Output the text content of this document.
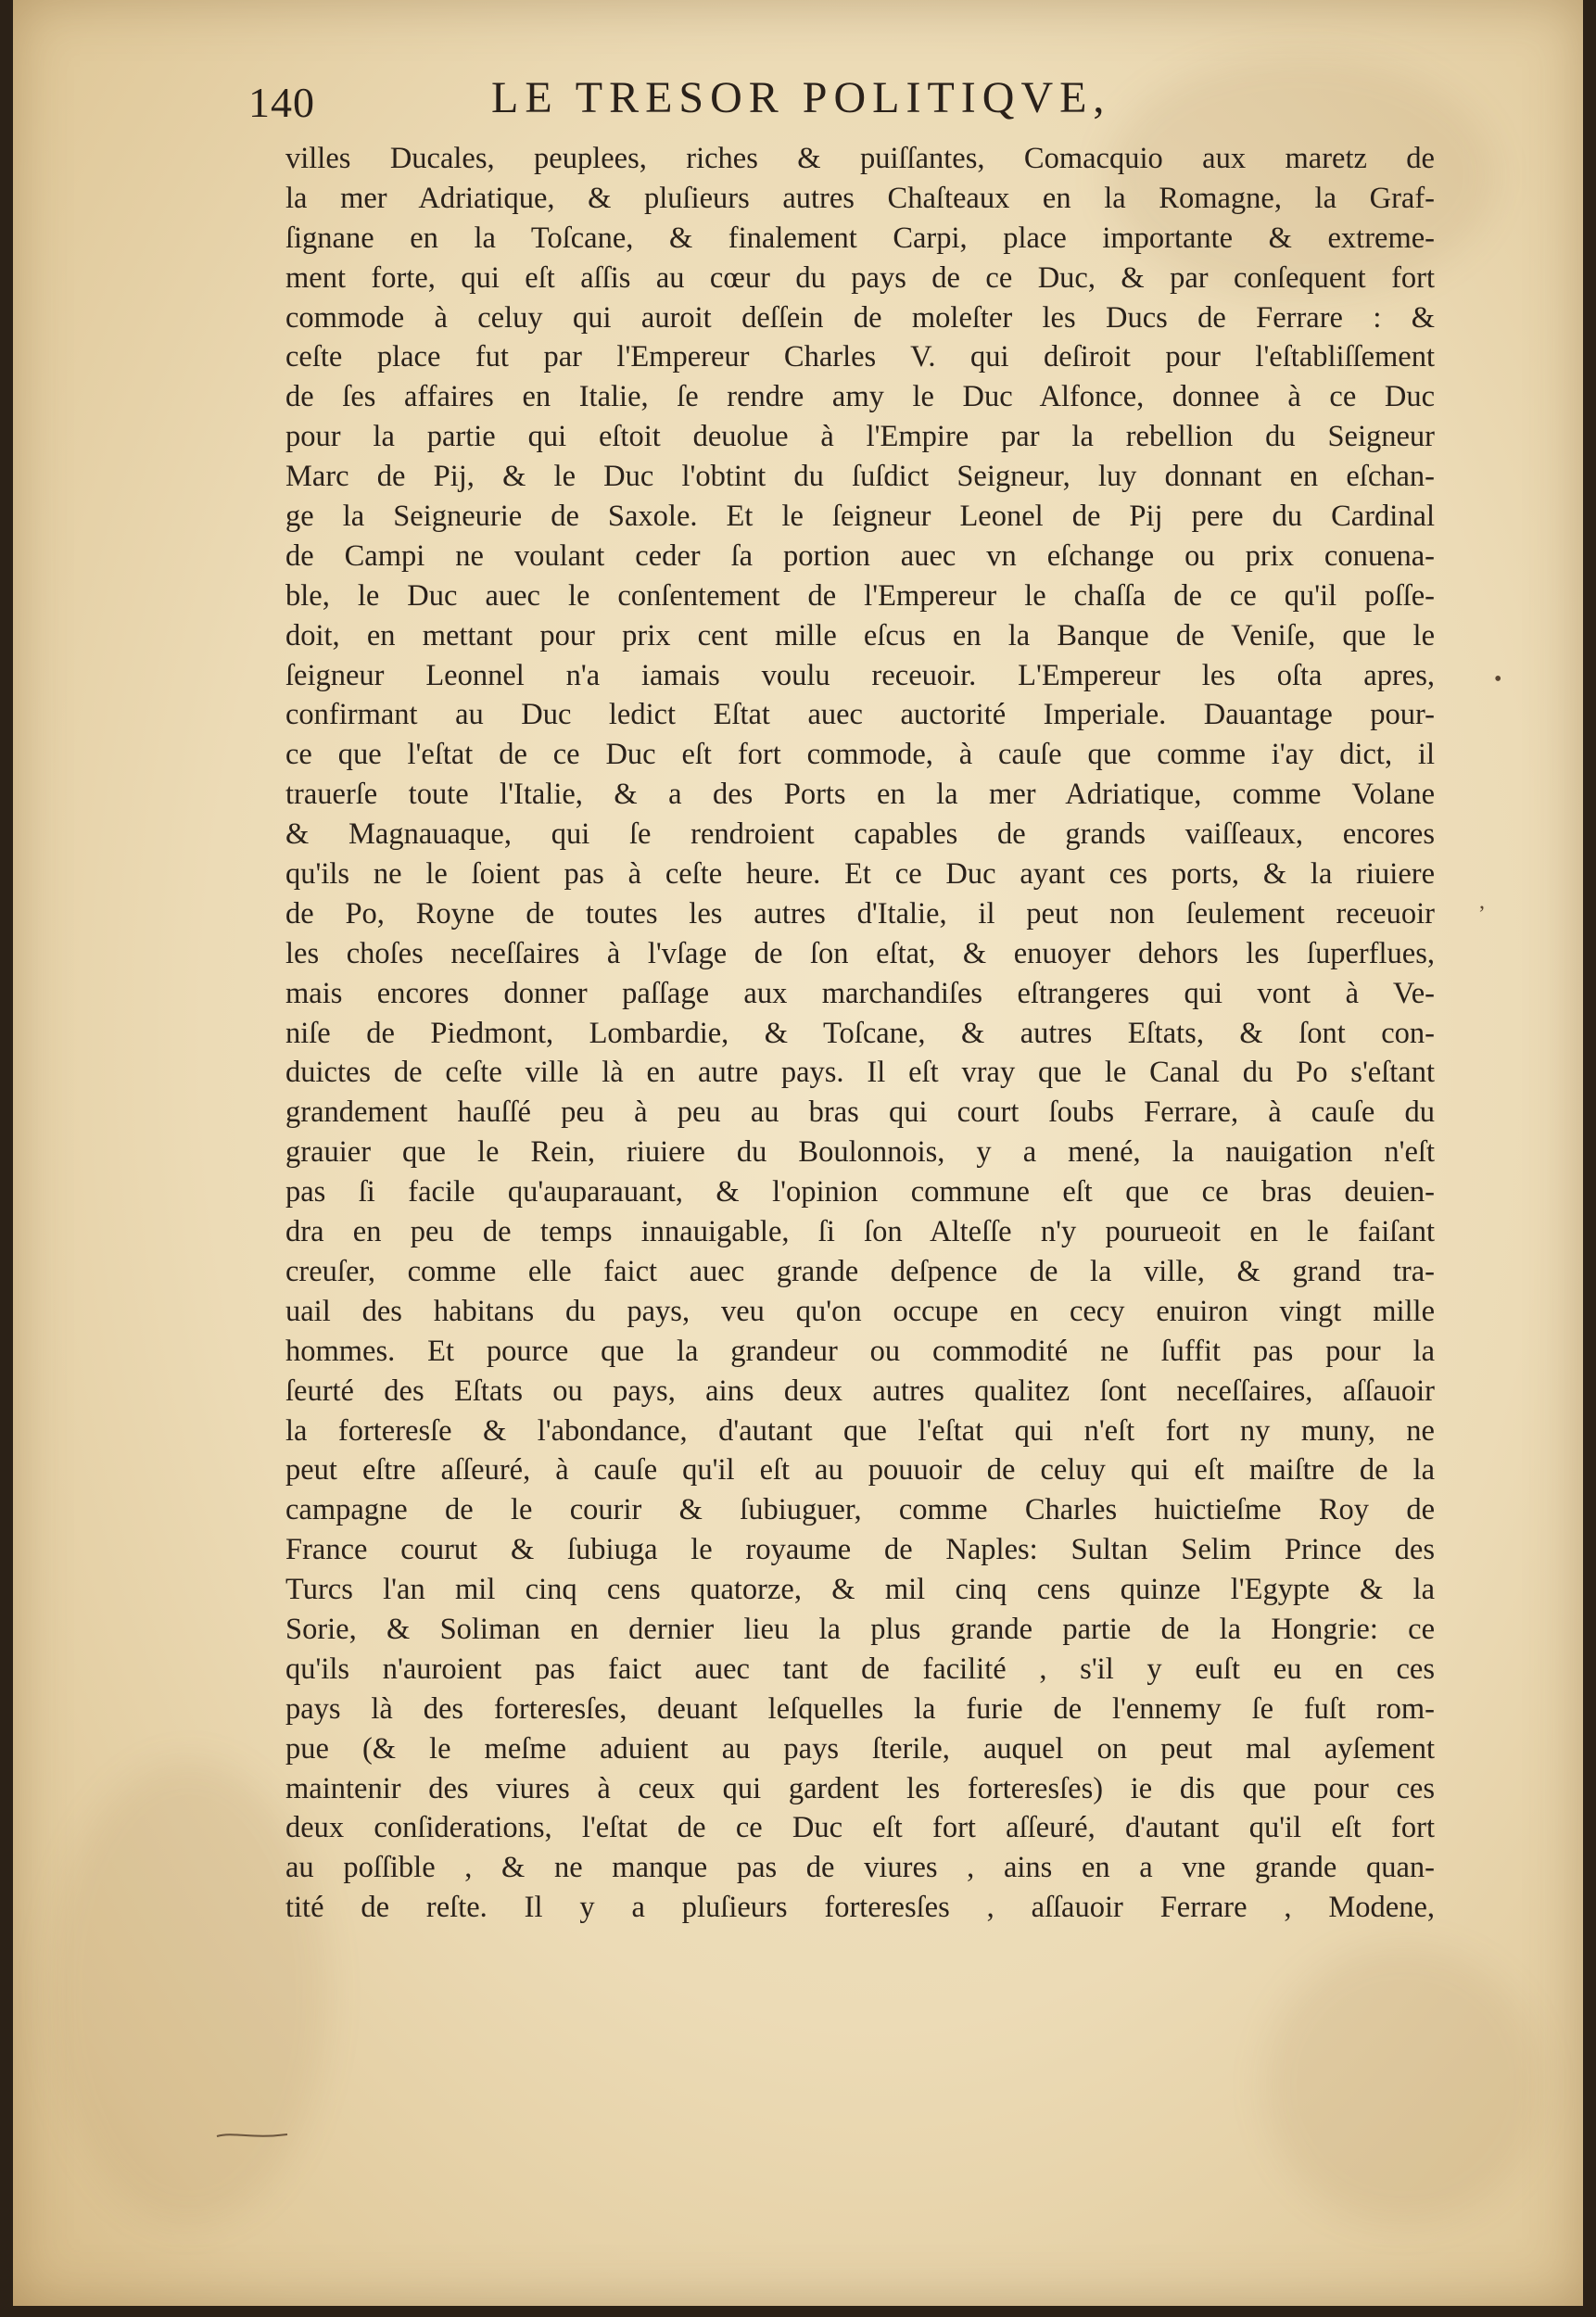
140	LE TRESOR POLITIQVE,
villes Ducales, peuplees, riches & puiſſantes, Comacquio aux maretz de
la mer Adriatique, & pluſieurs autres Chaſteaux en la Romagne, la Graf-
ſignane en la Toſcane, & finalement Carpi, place importante & extreme-
ment forte, qui eſt aſſis au cœur du pays de ce Duc, & par conſequent fort
commode à celuy qui auroit deſſein de moleſter les Ducs de Ferrare : &
ceſte place fut par l'Empereur Charles V. qui deſiroit pour l'eſtabliſſement
de ſes affaires en Italie, ſe rendre amy le Duc Alfonce, donnee à ce Duc
pour la partie qui eſtoit deuolue à l'Empire par la rebellion du Seigneur
Marc de Pij, & le Duc l'obtint du ſuſdict Seigneur, luy donnant en eſchan-
ge la Seigneurie de Saxole. Et le ſeigneur Leonel de Pij pere du Cardinal
de Campi ne voulant ceder ſa portion auec vn eſchange ou prix conuena-
ble, le Duc auec le conſentement de l'Empereur le chaſſa de ce qu'il poſſe-
doit, en mettant pour prix cent mille eſcus en la Banque de Veniſe, que le
ſeigneur Leonnel n'a iamais voulu receuoir. L'Empereur les oſta apres,
confirmant au Duc ledict Eſtat auec auctorité Imperiale. Dauantage pour-
ce que l'eſtat de ce Duc eſt fort commode, à cauſe que comme i'ay dict, il
trauerſe toute l'Italie, & a des Ports en la mer Adriatique, comme Volane
& Magnauaque, qui ſe rendroient capables de grands vaiſſeaux, encores
qu'ils ne le ſoient pas à ceſte heure. Et ce Duc ayant ces ports, & la riuiere
de Po, Royne de toutes les autres d'Italie, il peut non ſeulement receuoir
les choſes neceſſaires à l'vſage de ſon eſtat, & enuoyer dehors les ſuperflues,
mais encores donner paſſage aux marchandiſes eſtrangeres qui vont à Ve-
niſe de Piedmont, Lombardie, & Toſcane, & autres Eſtats, & ſont con-
duictes de ceſte ville là en autre pays. Il eſt vray que le Canal du Po s'eſtant
grandement hauſſé peu à peu au bras qui court ſoubs Ferrare, à cauſe du
grauier que le Rein, riuiere du Boulonnois, y a mené, la nauigation n'eſt
pas ſi facile qu'auparauant, & l'opinion commune eſt que ce bras deuien-
dra en peu de temps innauigable, ſi ſon Alteſſe n'y pourueoit en le faiſant
creuſer, comme elle faict auec grande deſpence de la ville, & grand tra-
uail des habitans du pays, veu qu'on occupe en cecy enuiron vingt mille
hommes. Et pource que la grandeur ou commodité ne ſuffit pas pour la
ſeurté des Eſtats ou pays, ains deux autres qualitez ſont neceſſaires, aſſauoir
la forteresſe & l'abondance, d'autant que l'eſtat qui n'eſt fort ny muny, ne
peut eſtre aſſeuré, à cauſe qu'il eſt au pouuoir de celuy qui eſt maiſtre de la
campagne de le courir & ſubiuguer, comme Charles huictieſme Roy de
France courut & ſubiuga le royaume de Naples: Sultan Selim Prince des
Turcs l'an mil cinq cens quatorze, & mil cinq cens quinze l'Egypte & la
Sorie, & Soliman en dernier lieu la plus grande partie de la Hongrie: ce
qu'ils n'auroient pas faict auec tant de facilité , s'il y euſt eu en ces
pays là des forteresſes, deuant leſquelles la furie de l'ennemy ſe fuſt rom-
pue (& le meſme aduient au pays ſterile, auquel on peut mal ayſement
maintenir des viures à ceux qui gardent les forteresſes) ie dis que pour ces
deux conſiderations, l'eſtat de ce Duc eſt fort aſſeuré, d'autant qu'il eſt fort
au poſſible , & ne manque pas de viures , ains en a vne grande quan-
tité de reſte. Il y a pluſieurs forteresſes , aſſauoir Ferrare , Modene,
•
,
